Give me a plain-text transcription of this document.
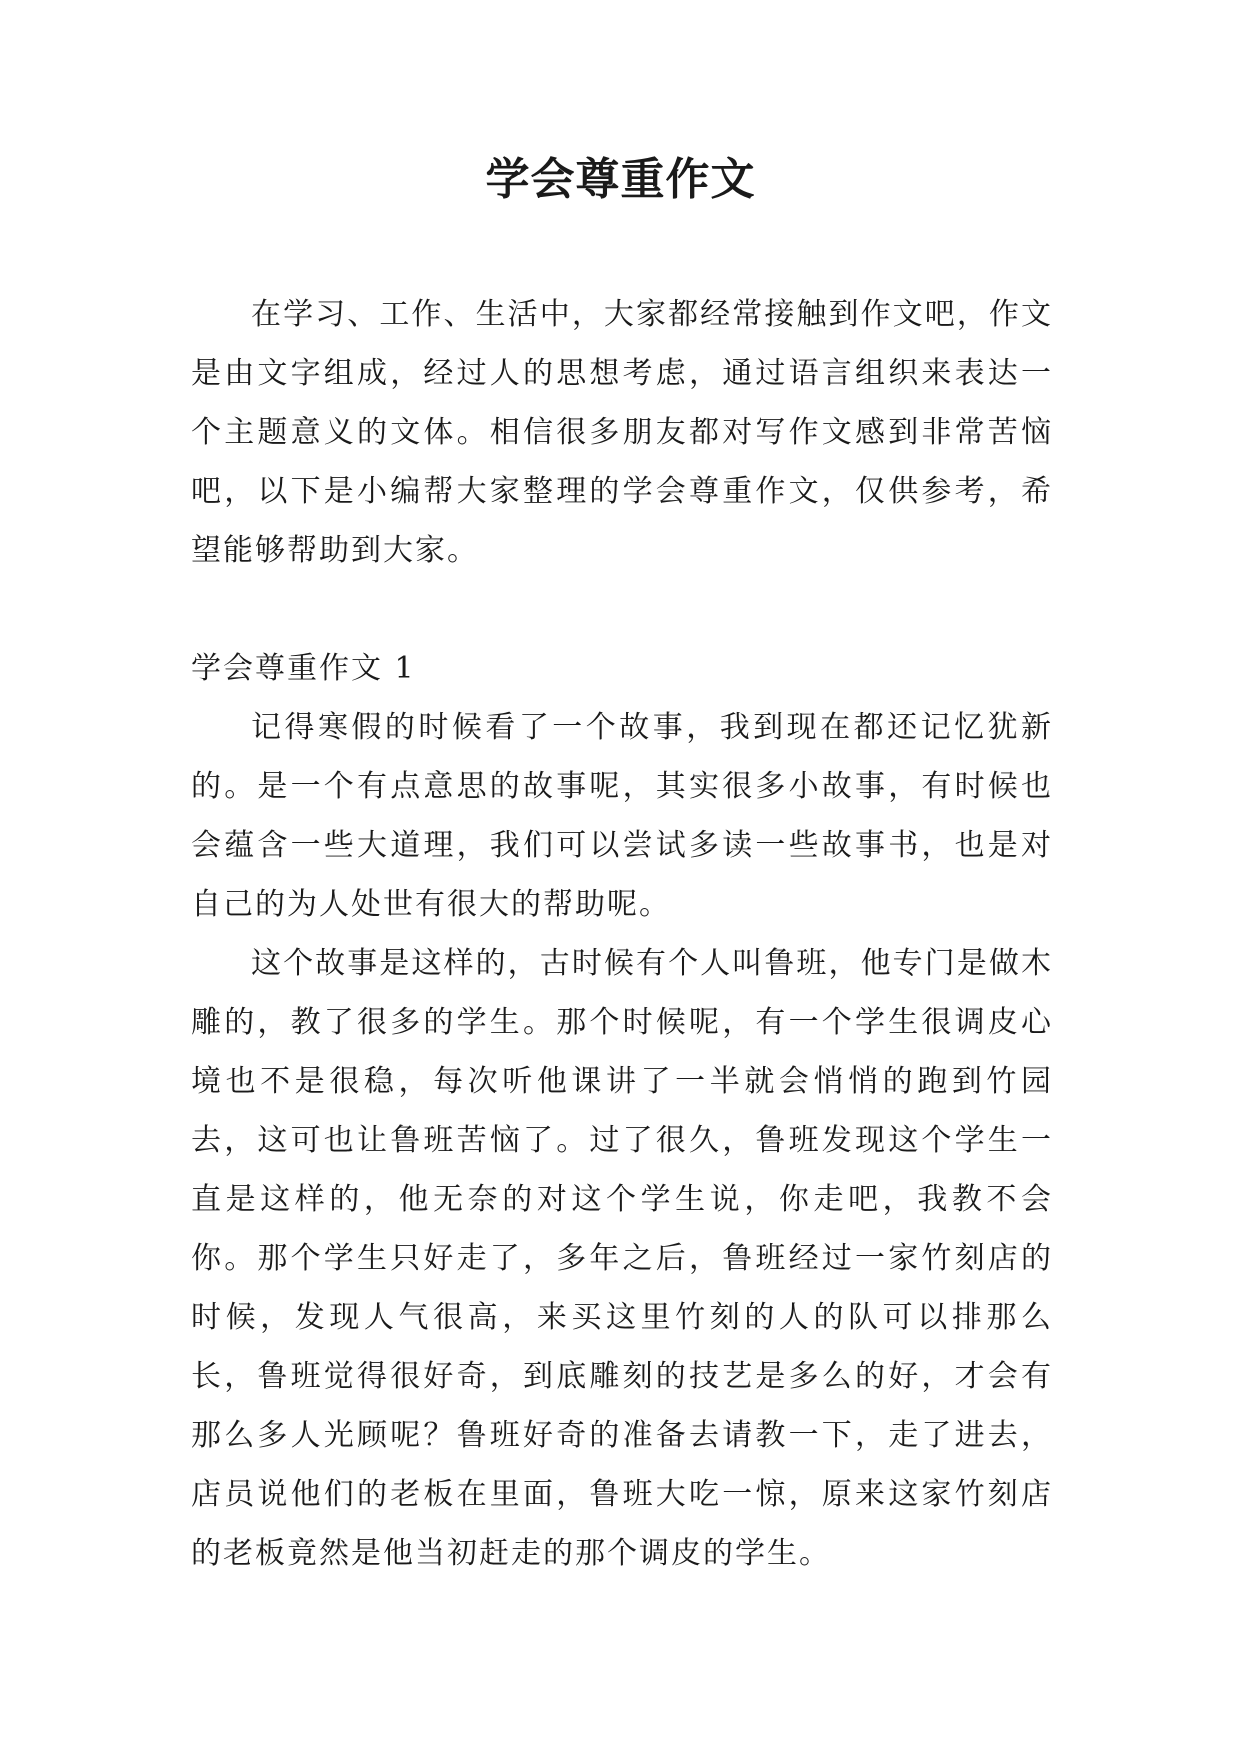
学会尊重作文

在学习、工作、生活中，大家都经常接触到作文吧，作文是由文字组成，经过人的思想考虑，通过语言组织来表达一个主题意义的文体。相信很多朋友都对写作文感到非常苦恼吧，以下是小编帮大家整理的学会尊重作文，仅供参考，希望能够帮助到大家。

学会尊重作文 1

记得寒假的时候看了一个故事，我到现在都还记忆犹新的。是一个有点意思的故事呢，其实很多小故事，有时候也会蕴含一些大道理，我们可以尝试多读一些故事书，也是对自己的为人处世有很大的帮助呢。

这个故事是这样的，古时候有个人叫鲁班，他专门是做木雕的，教了很多的学生。那个时候呢，有一个学生很调皮心境也不是很稳，每次听他课讲了一半就会悄悄的跑到竹园去，这可也让鲁班苦恼了。过了很久，鲁班发现这个学生一直是这样的，他无奈的对这个学生说，你走吧，我教不会你。那个学生只好走了，多年之后，鲁班经过一家竹刻店的时候，发现人气很高，来买这里竹刻的人的队可以排那么长，鲁班觉得很好奇，到底雕刻的技艺是多么的好，才会有那么多人光顾呢？鲁班好奇的准备去请教一下，走了进去，店员说他们的老板在里面，鲁班大吃一惊，原来这家竹刻店的老板竟然是他当初赶走的那个调皮的学生。
